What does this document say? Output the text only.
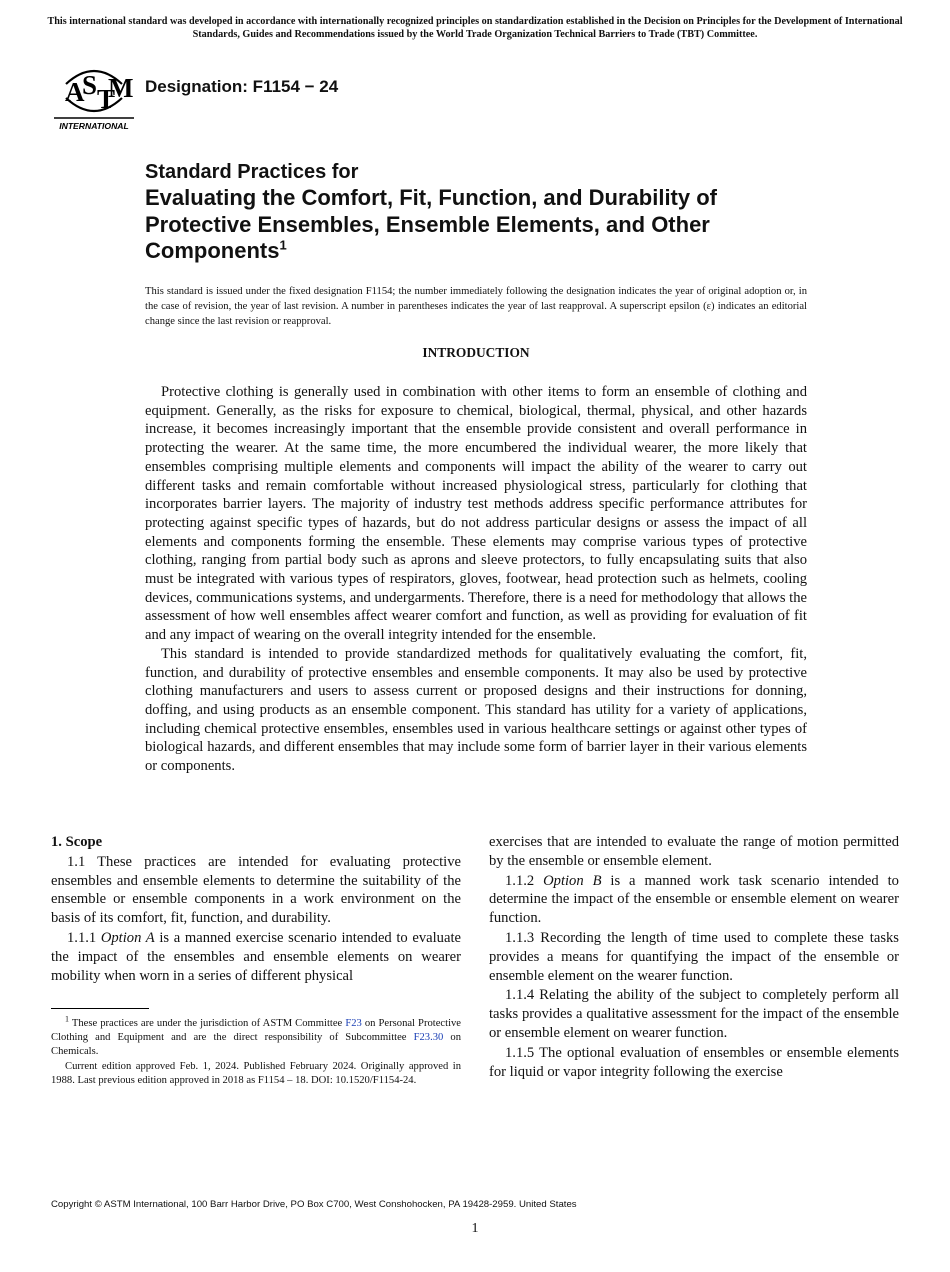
This international standard was developed in accordance with internationally recognized principles on standardization established in the Decision on Principles for the Development of International Standards, Guides and Recommendations issued by the World Trade Organization Technical Barriers to Trade (TBT) Committee.
A
S T
M
INTERNATIONAL
Designation: F1154 − 24
Standard Practices for
Evaluating the Comfort, Fit, Function, and Durability of Protective Ensembles, Ensemble Elements, and Other Components$^1$
This standard is issued under the fixed designation F1154; the number immediately following the designation indicates the year of original adoption or, in the case of revision, the year of last revision. A number in parentheses indicates the year of last reapproval. A superscript epsilon (ε) indicates an editorial change since the last revision or reapproval.
INTRODUCTION

Protective clothing is generally used in combination with other items to form an ensemble of clothing and equipment. Generally, as the risks for exposure to chemical, biological, thermal, physical, and other hazards increase, it becomes increasingly important that the ensemble provide consistent and overall performance in protecting the wearer. At the same time, the more encumbered the individual wearer, the more likely that ensembles comprising multiple elements and components will impact the ability of the wearer to carry out different tasks and remain comfortable without increased physiological stress, particularly for clothing that incorporates barrier layers. The majority of industry test methods address specific performance attributes for protecting against specific types of hazards, but do not address particular designs or assess the impact of all elements and components forming the ensemble. These elements may comprise various types of protective clothing, ranging from partial body such as aprons and sleeve protectors, to fully encapsulating suits that also must be integrated with various types of respirators, gloves, footwear, head protection such as helmets, cooling devices, communications systems, and undergarments. Therefore, there is a need for methodology that allows the assessment of how well ensembles affect wearer comfort and function, as well as providing for evaluation of fit and any impact of wearing on the overall integrity intended for the ensemble.

This standard is intended to provide standardized methods for qualitatively evaluating the comfort, fit, function, and durability of protective ensembles and ensemble components. It may also be used by protective clothing manufacturers and users to assess current or proposed designs and their instructions for donning, doffing, and using products as an ensemble component. This standard has utility for a variety of applications, including chemical protective ensembles, ensembles used in various healthcare settings or against other types of biological hazards, and different ensembles that may include some form of barrier layer in their various elements or components.

1. Scope

1.1 These practices are intended for evaluating protective ensembles and ensemble elements to determine the suitability of the ensemble or ensemble components in a work environment on the basis of its comfort, fit, function, and durability.

1.1.1 Option A is a manned exercise scenario intended to evaluate the impact of the ensembles and ensemble elements on wearer mobility when worn in a series of different physical

$^1$ These practices are under the jurisdiction of ASTM Committee F23 on Personal Protective Clothing and Equipment and are the direct responsibility of Subcommittee F23.30 on Chemicals.

Current edition approved Feb. 1, 2024. Published February 2024. Originally approved in 1988. Last previous edition approved in 2018 as F1154 – 18. DOI: 10.1520/F1154-24.

exercises that are intended to evaluate the range of motion permitted by the ensemble or ensemble element.

1.1.2 Option B is a manned work task scenario intended to determine the impact of the ensemble or ensemble element on wearer function.

1.1.3 Recording the length of time used to complete these tasks provides a means for quantifying the impact of the ensemble or ensemble element on the wearer function.

1.1.4 Relating the ability of the subject to completely perform all tasks provides a qualitative assessment for the impact of the ensemble or ensemble element on wearer function.

1.1.5 The optional evaluation of ensembles or ensemble elements for liquid or vapor integrity following the exercise

Copyright © ASTM International, 100 Barr Harbor Drive, PO Box C700, West Conshohocken, PA 19428-2959. United States
1
